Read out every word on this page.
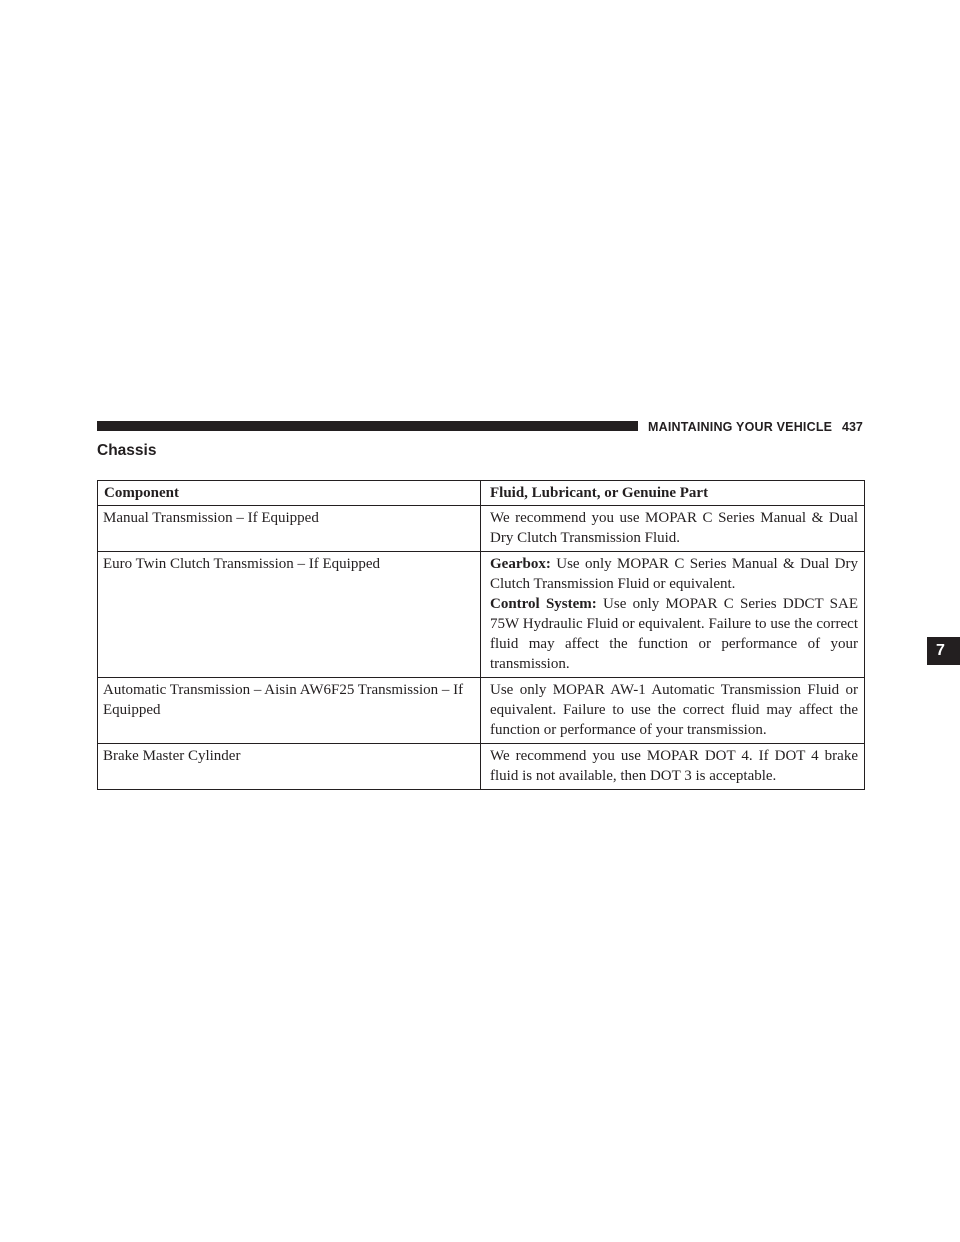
MAINTAINING YOUR VEHICLE 437
Chassis
7
Component	Fluid, Lubricant, or Genuine Part
Manual Transmission – If Equipped	We recommend you use MOPAR C Series Manual & Dual Dry Clutch Transmission Fluid.
Euro Twin Clutch Transmission – If Equipped	Gearbox: Use only MOPAR C Series Manual & Dual Dry Clutch Transmission Fluid or equivalent.
Control System: Use only MOPAR C Series DDCT SAE 75W Hydraulic Fluid or equivalent. Failure to use the correct fluid may affect the function or performance of your transmission.

Automatic Transmission – Aisin AW6F25 Transmission – If Equipped	Use only MOPAR AW-1 Automatic Transmission Fluid or equivalent. Failure to use the correct fluid may affect the function or performance of your transmission.
Brake Master Cylinder	We recommend you use MOPAR DOT 4. If DOT 4 brake fluid is not available, then DOT 3 is acceptable.
